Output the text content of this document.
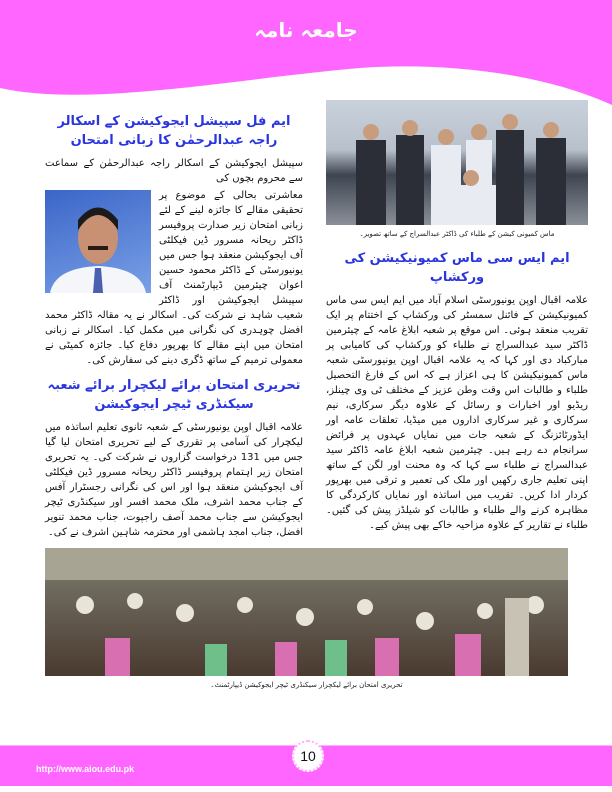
جامعہ نامہ
ایم فل سپیشل ایجوکیشن کے اسکالر راجہ عبدالرحمٰن کا زبانی امتحان
سپیشل ایجوکیشن کے اسکالر راجہ عبدالرحمٰن کے سماعت سے محروم بچوں کی
معاشرتی بحالی کے موضوع پر تحقیقی مقالے کا جائزہ لینے کے لئے زبانی امتحان زیر صدارت پروفیسر ڈاکٹر ریحانہ مسرور ڈین فیکلٹی آف ایجوکیشن منعقد ہوا جس میں یونیورسٹی کے ڈاکٹر محمود حسین اعوان چیئرمین ڈیپارٹمنٹ آف سپیشل ایجوکیشن اور ڈاکٹر شعیب شاہد نے شرکت کی۔ اسکالر نے یہ مقالہ ڈاکٹر محمد افضل چوہدری کی نگرانی میں مکمل کیا۔ اسکالر نے زبانی امتحان میں اپنے مقالے کا بھرپور دفاع کیا۔ جائزہ کمیٹی نے معمولی ترمیم کے ساتھ ڈگری دینے کی سفارش کی۔
تحریری امتحان برائے لیکچرار برائے شعبہ سیکنڈری ٹیچر ایجوکیشن
علامہ اقبال اوپن یونیورسٹی کے شعبہ ثانوی تعلیم اساتذہ میں لیکچرار کی آسامی پر تقرری کے لیے تحریری امتحان لیا گیا جس میں 131 درخواست گزاروں نے شرکت کی۔ یہ تحریری امتحان زیر اہتمام پروفیسر ڈاکٹر ریحانہ مسرور ڈین فیکلٹی آف ایجوکیشن منعقد ہوا اور اس کی نگرانی رجسٹرار آفس کے جناب محمد اشرف، ملک محمد افسر اور سیکنڈری ٹیچر ایجوکیشن سے جناب محمد آصف راجپوت، جناب محمد تنویر افضل، جناب امجد ہاشمی اور محترمہ شاہین اشرف نے کی۔
ماس کمیونی کیشن کے طلباء کی ڈاکٹر عبدالسراج کے ساتھ تصویر۔
ایم ایس سی ماس کمیونیکیشن کی ورکشاپ
علامہ اقبال اوپن یونیورسٹی اسلام آباد میں ایم ایس سی ماس کمیونیکیشن کے فائنل سمسٹر کی ورکشاپ کے اختتام پر ایک تقریب منعقد ہوئی۔ اس موقع پر شعبہ ابلاغ عامہ کے چیئرمین ڈاکٹر سید عبدالسراج نے طلباء کو ورکشاپ کی کامیابی پر مبارکباد دی اور کہا کہ یہ علامہ اقبال اوپن یونیورسٹی شعبہ ماس کمیونیکیشن کا ہی اعزاز ہے کہ اس کے فارغ التحصیل طلباء و طالبات اس وقت وطن عزیز کے مختلف ٹی وی چینلز، ریڈیو اور اخبارات و رسائل کے علاوہ دیگر سرکاری، نیم سرکاری و غیر سرکاری اداروں میں میڈیا، تعلقات عامہ اور ایڈورٹائزنگ کے شعبہ جات میں نمایاں عہدوں پر فرائض سرانجام دے رہے ہیں۔ چیئرمین شعبہ ابلاغ عامہ ڈاکٹر سید عبدالسراج نے طلباء سے کہا کہ وہ محنت اور لگن کے ساتھ اپنی تعلیم جاری رکھیں اور ملک کی تعمیر و ترقی میں بھرپور کردار ادا کریں۔ تقریب میں اساتذہ اور نمایاں کارکردگی کا مظاہرہ کرنے والے طلباء و طالبات کو شیلڈز پیش کی گئیں۔ طلباء نے تقاریر کے علاوہ مزاحیہ خاکے بھی پیش کیے۔
تحریری امتحان برائے لیکچرار سیکنڈری ٹیچر ایجوکیشن ڈیپارٹمنٹ۔
10
http://www.aiou.edu.pk
